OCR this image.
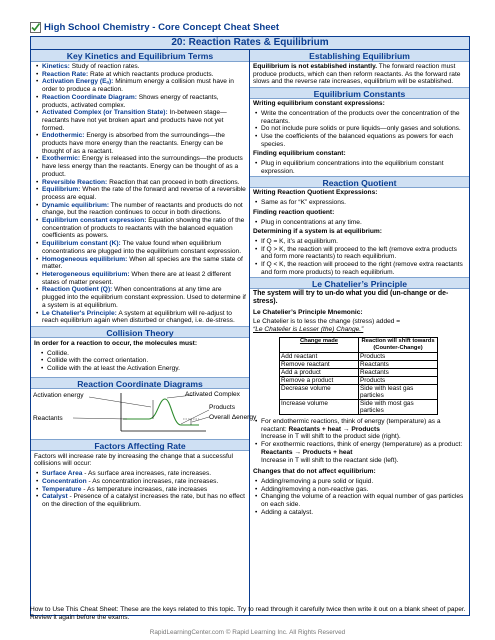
High School Chemistry - Core Concept Cheat Sheet
20: Reaction Rates & Equilibrium
Key Kinetics and Equilibrium Terms
• Kinetics: Study of reaction rates.
• Reaction Rate: Rate at which reactants produce products.
• Activation Energy (Eₐ): Minimum energy a collision must have in order to produce a reaction.
• Reaction Coordinate Diagram: Shows energy of reactants, products, activated complex.
• Activated Complex (or Transition State): In-between stage—reactants have not yet broken apart and products have not yet formed.
• Endothermic: Energy is absorbed from the surroundings—the products have more energy than the reactants. Energy can be thought of as a reactant.
• Exothermic: Energy is released into the surroundings—the products have less energy than the reactants. Energy can be thought of as a product.
• Reversible Reaction: Reaction that can proceed in both directions.
• Equilibrium: When the rate of the forward and reverse of a reversible process are equal.
• Dynamic equilibrium: The number of reactants and products do not change, but the reaction continues to occur in both directions.
• Equilibrium constant expression: Equation showing the ratio of the concentration of products to reactants with the balanced equation coefficients as powers.
• Equilibrium constant (K): The value found when equilibrium concentrations are plugged into the equilibrium constant expression.
• Homogeneous equilibrium: When all species are the same state of matter.
• Heterogeneous equilibrium: When there are at least 2 different states of matter present.
• Reaction Quotient (Q): When concentrations at any time are plugged into the equilibrium constant expression. Used to determine if a system is at equilibrium.
• Le Chatelier's Principle: A system at equilibrium will re-adjust to reach equilibrium again when disturbed or changed, i.e. de-stress.
Collision Theory
In order for a reaction to occur, the molecules must:
• Collide.
• Collide with the correct orientation.
• Collide with the at least the Activation Energy.
Reaction Coordinate Diagrams
Activation energy
Reactants
Activated Complex
Products
Overall Δenergy
Factors Affecting Rate
Factors will increase rate by increasing the change that a successful collisions will occur:
• Surface Area - As surface area increases, rate increases.
• Concentration - As concentration increases, rate increases.
• Temperature - As temperature increases, rate increases
• Catalyst - Presence of a catalyst increases the rate, but has no effect on the direction of the equilibrium.
Establishing Equilibrium
Equilibrium is not established instantly. The forward reaction must produce products, which can then reform reactants. As the forward rate slows and the reverse rate increases, equilibrium will be established.
Equilibrium Constants
Writing equilibrium constant expressions:
• Write the concentration of the products over the concentration of the reactants.
• Do not include pure solids or pure liquids—only gases and solutions.
• Use the coefficients of the balanced equations as powers for each species.
Finding equilibrium constant:
• Plug in equilibrium concentrations into the equilibrium constant expression.
Reaction Quotient
Writing Reaction Quotient Expressions:
• Same as for “K” expressions.
Finding reaction quotient:
• Plug in concentrations at any time.
Determining if a system is at equilibrium:
• If Q = K, it’s at equilibrium.
• If Q > K, the reaction will proceed to the left (remove extra products and form more reactants) to reach equilibrium.
• If Q < K, the reaction will proceed to the right (remove extra reactants and form more products) to reach equilibrium.
Le Chatelier’s Principle
The system will try to un-do what you did (un-change or de-stress).
Le Chatelier’s Principle Mnemonic:
Le Chatelier is to less the change (stress) added =
“Le Chatelier is Lesser (the) Change.”
Change made	Reaction will shift towards (Counter-Change)
Add reactant	Products
Remove reactant	Reactants
Add a product	Reactants
Remove a product	Products
Decrease volume	Side with least gas particles
Increase volume	Side with most gas particles
• For endothermic reactions, think of energy (temperature) as a reactant: Reactants + heat → Products
Increase in T will shift to the product side (right).
• For exothermic reactions, think of energy (temperature) as a product: Reactants → Products + heat
Increase in T will shift to the reactant side (left).
Changes that do not affect equilibrium:
• Adding/removing a pure solid or liquid.
• Adding/removing a non-reactive gas.
• Changing the volume of a reaction with equal number of gas particles on each side.
• Adding a catalyst.
How to Use This Cheat Sheet: These are the keys related to this topic. Try to read through it carefully twice then write it out on a blank sheet of paper. Review it again before the exams.
RapidLearningCenter.com © Rapid Learning Inc. All Rights Reserved
